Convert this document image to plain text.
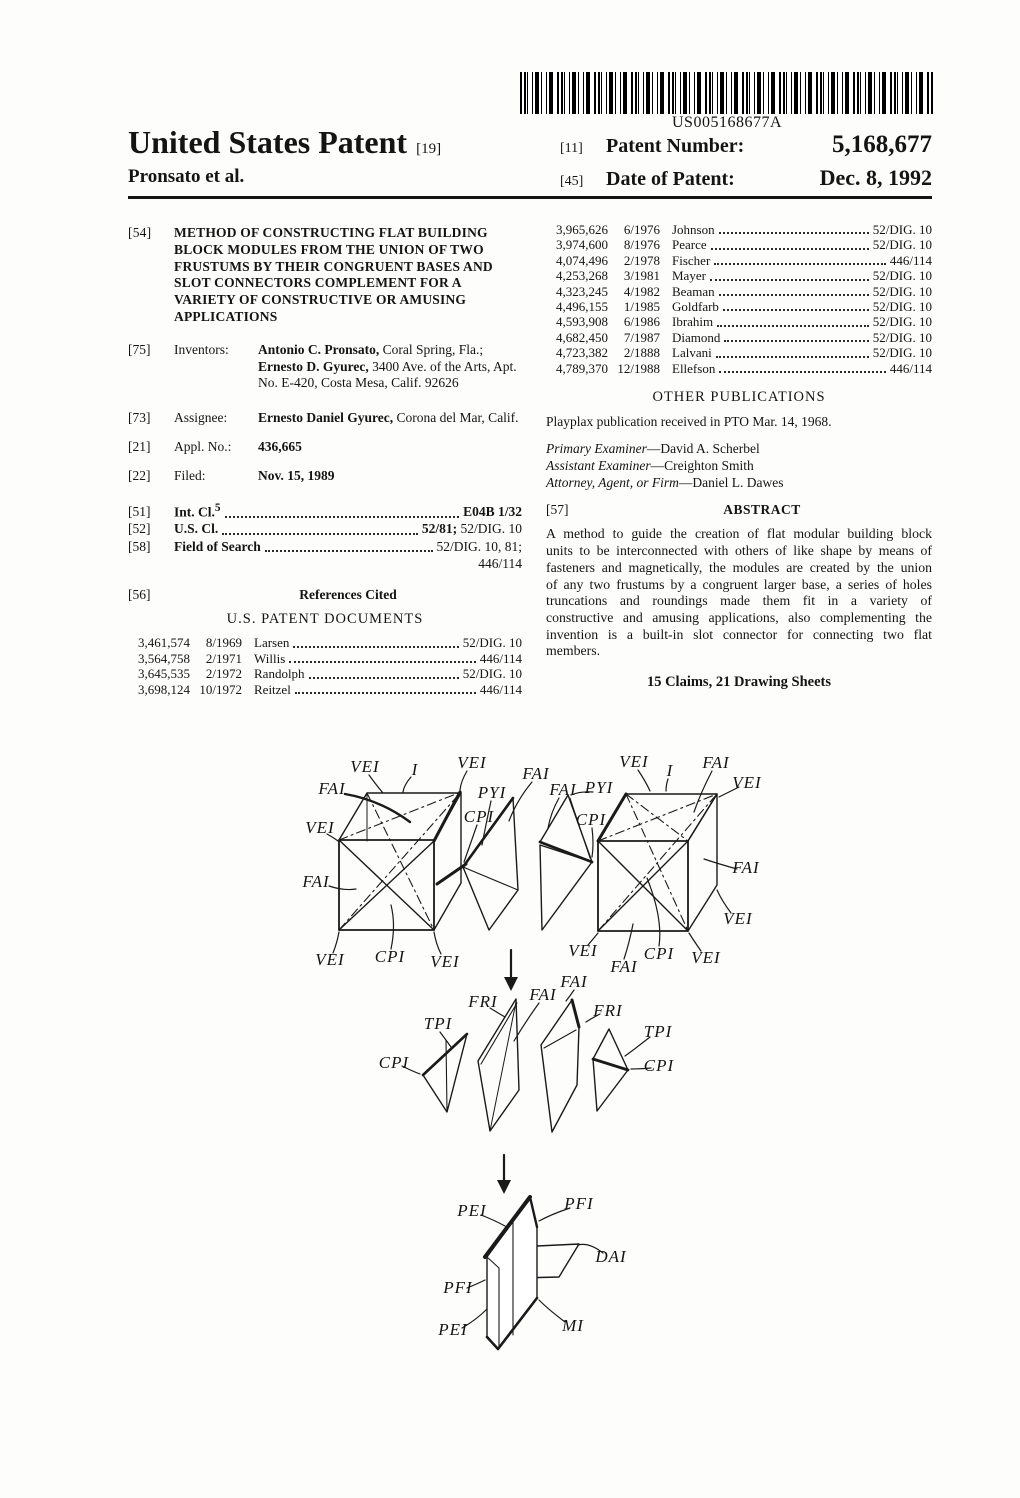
US005168677A
United States Patent [19]
Pronsato et al.
[11]	Patent Number:	5,168,677
[45]	Date of Patent:	Dec. 8, 1992
[54]	METHOD OF CONSTRUCTING FLAT BUILDING BLOCK MODULES FROM THE UNION OF TWO FRUSTUMS BY THEIR CONGRUENT BASES AND SLOT CONNECTORS COMPLEMENT FOR A VARIETY OF CONSTRUCTIVE OR AMUSING APPLICATIONS
[75]	Inventors:	Antonio C. Pronsato, Coral Spring, Fla.; Ernesto D. Gyurec, 3400 Ave. of the Arts, Apt. No. E-420, Costa Mesa, Calif. 92626
[73]	Assignee:	Ernesto Daniel Gyurec, Corona del Mar, Calif.
[21]	Appl. No.:	436,665
[22]	Filed:	Nov. 15, 1989
[51]	Int. Cl.$^5$	E04B 1/32
[52]	U.S. Cl.	52/81; 52/DIG. 10
[58]	Field of Search	52/DIG. 10, 81;
446/114
[56]	References Cited
U.S. PATENT DOCUMENTS
3,461,574	8/1969 Larsen	52/DIG. 10
3,564,758	2/1971 Willis	446/114
3,645,535	2/1972 Randolph	52/DIG. 10
3,698,124 10/1972 Reitzel	446/114
3,965,626	6/1976 Johnson	52/DIG. 10
3,974,600	8/1976 Pearce	52/DIG. 10
4,074,496	2/1978 Fischer	446/114
4,253,268	3/1981 Mayer	52/DIG. 10
4,323,245	4/1982 Beaman	52/DIG. 10
4,496,155	1/1985 Goldfarb	52/DIG. 10
4,593,908	6/1986 Ibrahim	52/DIG. 10
4,682,450	7/1987 Diamond	52/DIG. 10
4,723,382	2/1888 Lalvani	52/DIG. 10
4,789,370 12/1988 Ellefson	446/114
OTHER PUBLICATIONS
Playplax publication received in PTO Mar. 14, 1968.
Primary Examiner—David A. Scherbel
Assistant Examiner—Creighton Smith
Attorney, Agent, or Firm—Daniel L. Dawes
[57]	ABSTRACT
A method to guide the creation of flat modular building block units to be interconnected with others of like shape by means of fasteners and magnetically, the modules are created by the union of any two frustums by a congruent larger base, a series of holes truncations and roundings made them fit in a variety of constructive and amusing applications, also complementing the invention is a built-in slot connector for connecting two flat members.
15 Claims, 21 Drawing Sheets
VEI I VEI
FAI
VEI
FAI
VEI CPI VEI
FAI
PYI
CPI
FAI PYI
CPI
VEI I FAI
VEI
FAI
VEI
VEI
FAI
CPI VEI
FAI
FRI FAI
FRI
TPI	TPI
CPI	CPI
PEI	PFI
DAI
PFI
PEI	MI
